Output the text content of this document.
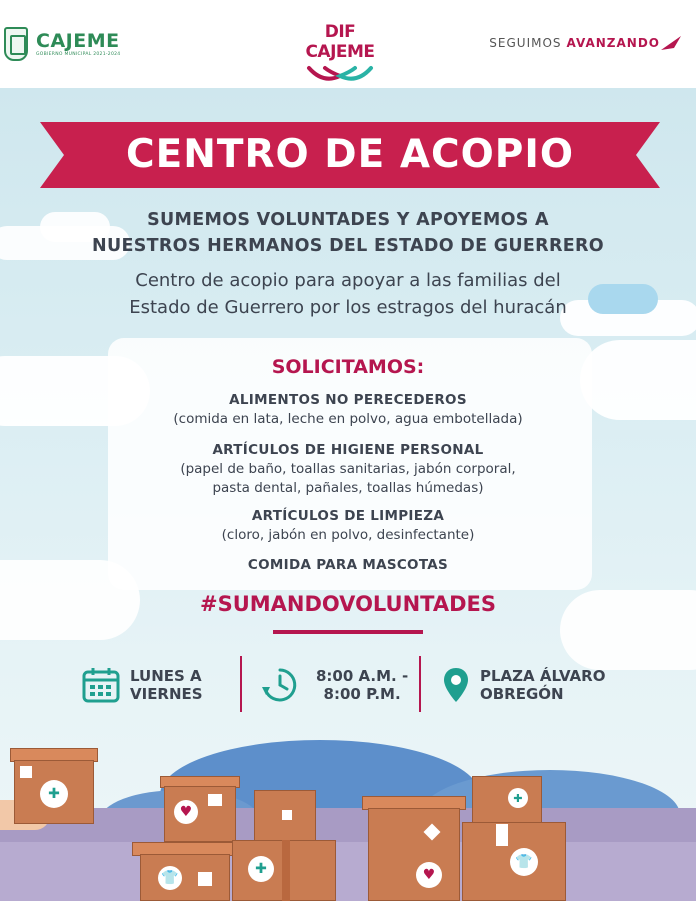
CAJEME
GOBIERNO MUNICIPAL 2021-2024
DIF CAJEME	SEGUIMOS AVANZANDO
CENTRO DE ACOPIO
SUMEMOS VOLUNTADES Y APOYEMOS A
NUESTROS HERMANOS DEL ESTADO DE GUERRERO
Centro de acopio para apoyar a las familias del
Estado de Guerrero por los estragos del huracán
SOLICITAMOS:
ALIMENTOS NO PERECEDEROS
(comida en lata, leche en polvo, agua embotellada)
ARTÍCULOS DE HIGIENE PERSONAL
(papel de baño, toallas sanitarias, jabón corporal,
pasta dental, pañales, toallas húmedas)
ARTÍCULOS DE LIMPIEZA
(cloro, jabón en polvo, desinfectante)
COMIDA PARA MASCOTAS
#SUMANDOVOLUNTADES
LUNES A
VIERNES
8:00 A.M. -
8:00 P.M.
PLAZA ÁLVARO
OBREGÓN
✚
♥
👕
✚	♥
✚
👕
